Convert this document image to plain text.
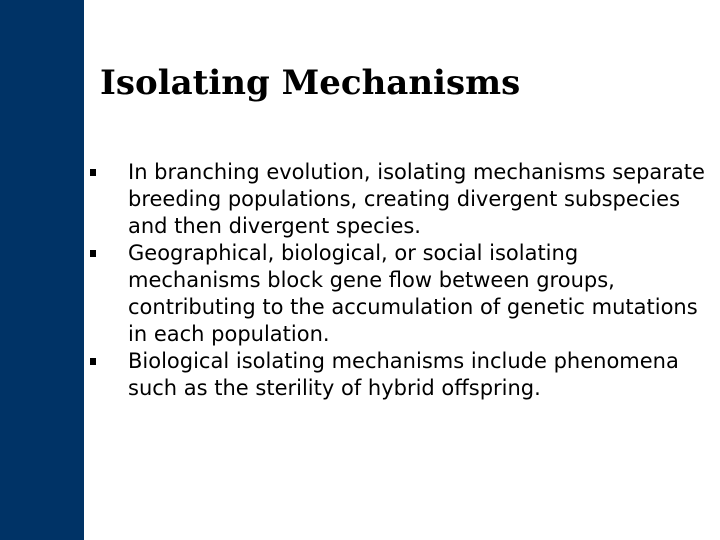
Isolating Mechanisms
In branching evolution, isolating mechanisms separate breeding populations, creating divergent subspecies and then divergent species.
Geographical, biological, or social isolating mechanisms block gene flow between groups, contributing to the accumulation of genetic mutations in each population.
Biological isolating mechanisms include phenomena such as the sterility of hybrid offspring.
